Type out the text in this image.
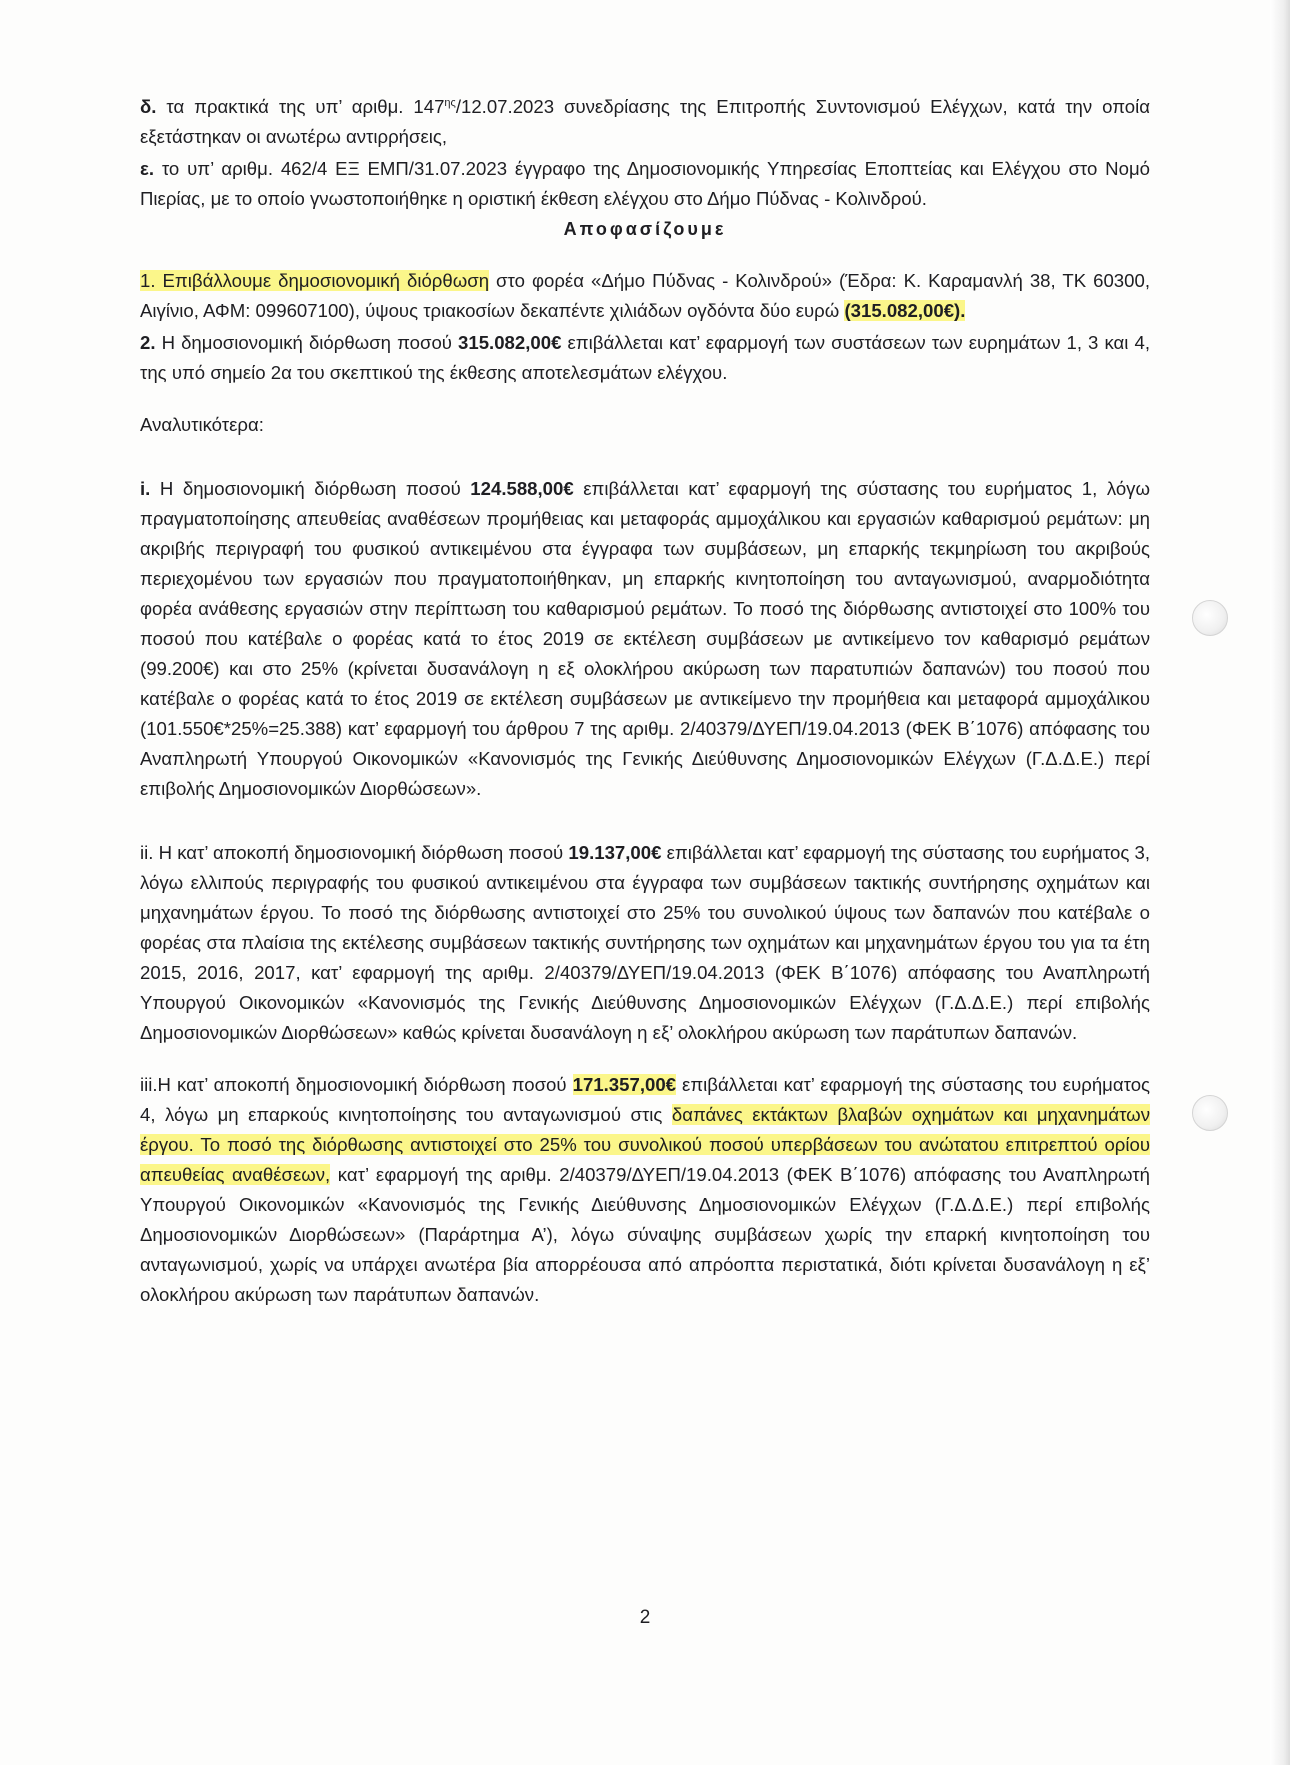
δ. τα πρακτικά της υπ’ αριθμ. $147^{\eta\varsigma}/12.07.2023$ συνεδρίασης της Επιτροπής Συντονισμού Ελέγχων, κατά την οποία εξετάστηκαν οι ανωτέρω αντιρρήσεις,

ε. το υπ’ αριθμ. 462/4 ΕΞ ΕΜΠ/31.07.2023 έγγραφο της Δημοσιονομικής Υπηρεσίας Εποπτείας και Ελέγχου στο Νομό Πιερίας, με το οποίο γνωστοποιήθηκε η οριστική έκθεση ελέγχου στο Δήμο Πύδνας - Κολινδρού.

Αποφασίζουμε

1. Επιβάλλουμε δημοσιονομική διόρθωση στο φορέα «Δήμο Πύδνας - Κολινδρού» (Έδρα: Κ. Καραμανλή 38, ΤΚ 60300, Αιγίνιο, ΑΦΜ: 099607100), ύψους τριακοσίων δεκαπέντε χιλιάδων ογδόντα δύο ευρώ (315.082,00€).

2. Η δημοσιονομική διόρθωση ποσού 315.082,00€ επιβάλλεται κατ’ εφαρμογή των συστάσεων των ευρημάτων 1, 3 και 4, της υπό σημείο 2α του σκεπτικού της έκθεσης αποτελεσμάτων ελέγχου.

Αναλυτικότερα:

i. Η δημοσιονομική διόρθωση ποσού 124.588,00€ επιβάλλεται κατ’ εφαρμογή της σύστασης του ευρήματος 1, λόγω πραγματοποίησης απευθείας αναθέσεων προμήθειας και μεταφοράς αμμοχάλικου και εργασιών καθαρισμού ρεμάτων: μη ακριβής περιγραφή του φυσικού αντικειμένου στα έγγραφα των συμβάσεων, μη επαρκής τεκμηρίωση του ακριβούς περιεχομένου των εργασιών που πραγματοποιήθηκαν, μη επαρκής κινητοποίηση του ανταγωνισμού, αναρμοδιότητα φορέα ανάθεσης εργασιών στην περίπτωση του καθαρισμού ρεμάτων. Το ποσό της διόρθωσης αντιστοιχεί στο 100% του ποσού που κατέβαλε ο φορέας κατά το έτος 2019 σε εκτέλεση συμβάσεων με αντικείμενο τον καθαρισμό ρεμάτων (99.200€) και στο 25% (κρίνεται δυσανάλογη η εξ ολοκλήρου ακύρωση των παρατυπιών δαπανών) του ποσού που κατέβαλε ο φορέας κατά το έτος 2019 σε εκτέλεση συμβάσεων με αντικείμενο την προμήθεια και μεταφορά αμμοχάλικου (101.550€*25%=25.388) κατ’ εφαρμογή του άρθρου 7 της αριθμ. 2/40379/ΔΥΕΠ/19.04.2013 (ΦΕΚ Β΄1076) απόφασης του Αναπληρωτή Υπουργού Οικονομικών «Κανονισμός της Γενικής Διεύθυνσης Δημοσιονομικών Ελέγχων (Γ.Δ.Δ.Ε.) περί επιβολής Δημοσιονομικών Διορθώσεων».

ii. Η κατ’ αποκοπή δημοσιονομική διόρθωση ποσού 19.137,00€ επιβάλλεται κατ’ εφαρμογή της σύστασης του ευρήματος 3, λόγω ελλιπούς περιγραφής του φυσικού αντικειμένου στα έγγραφα των συμβάσεων τακτικής συντήρησης οχημάτων και μηχανημάτων έργου. Το ποσό της διόρθωσης αντιστοιχεί στο 25% του συνολικού ύψους των δαπανών που κατέβαλε ο φορέας στα πλαίσια της εκτέλεσης συμβάσεων τακτικής συντήρησης των οχημάτων και μηχανημάτων έργου του για τα έτη 2015, 2016, 2017, κατ’ εφαρμογή της αριθμ. 2/40379/ΔΥΕΠ/19.04.2013 (ΦΕΚ Β΄1076) απόφασης του Αναπληρωτή Υπουργού Οικονομικών «Κανονισμός της Γενικής Διεύθυνσης Δημοσιονομικών Ελέγχων (Γ.Δ.Δ.Ε.) περί επιβολής Δημοσιονομικών Διορθώσεων» καθώς κρίνεται δυσανάλογη η εξ’ ολοκλήρου ακύρωση των παράτυπων δαπανών.

iii.Η κατ’ αποκοπή δημοσιονομική διόρθωση ποσού 171.357,00€ επιβάλλεται κατ’ εφαρμογή της σύστασης του ευρήματος 4, λόγω μη επαρκούς κινητοποίησης του ανταγωνισμού στις δαπάνες εκτάκτων βλαβών οχημάτων και μηχανημάτων έργου. Το ποσό της διόρθωσης αντιστοιχεί στο 25% του συνολικού ποσού υπερβάσεων του ανώτατου επιτρεπτού ορίου απευθείας αναθέσεων, κατ’ εφαρμογή της αριθμ. 2/40379/ΔΥΕΠ/19.04.2013 (ΦΕΚ Β΄1076) απόφασης του Αναπληρωτή Υπουργού Οικονομικών «Κανονισμός της Γενικής Διεύθυνσης Δημοσιονομικών Ελέγχων (Γ.Δ.Δ.Ε.) περί επιβολής Δημοσιονομικών Διορθώσεων» (Παράρτημα Α’), λόγω σύναψης συμβάσεων χωρίς την επαρκή κινητοποίηση του ανταγωνισμού, χωρίς να υπάρχει ανωτέρα βία απορρέουσα από απρόοπτα περιστατικά, διότι κρίνεται δυσανάλογη η εξ’ ολοκλήρου ακύρωση των παράτυπων δαπανών.

2
